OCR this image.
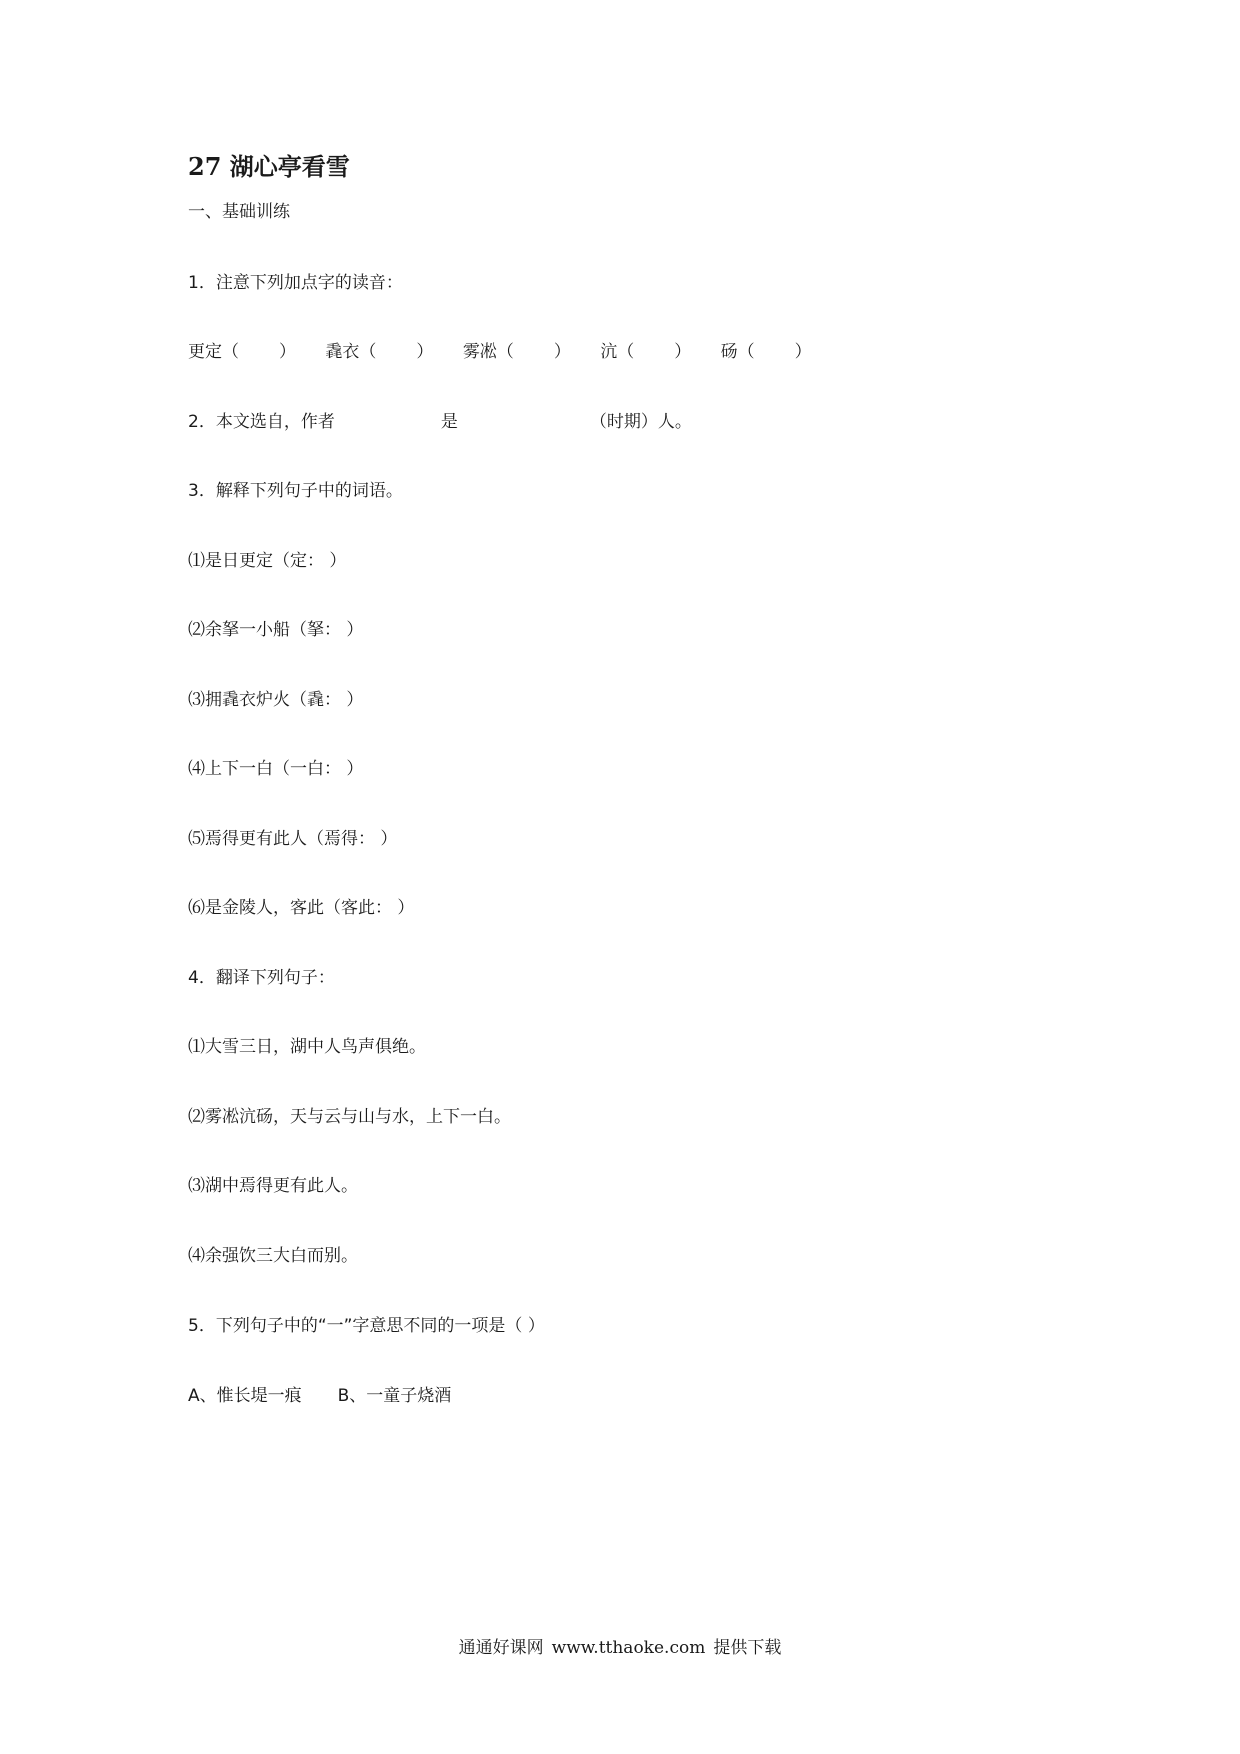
27 湖心亭看雪
一、基础训练
1．注意下列加点字的读音：
更定（ ） 毳衣（ ） 雾凇（ ） 沆（ ） 砀（ ）
2．本文选自，作者	是	（时期）人。
3．解释下列句子中的词语。
⑴是日更定（定： ）
⑵余拏一小船（拏： ）
⑶拥毳衣炉火（毳： ）
⑷上下一白（一白： ）
⑸焉得更有此人（焉得： ）
⑹是金陵人，客此（客此： ）
4．翻译下列句子：
⑴大雪三日，湖中人鸟声俱绝。
⑵雾凇沆砀，天与云与山与水，上下一白。
⑶湖中焉得更有此人。
⑷余强饮三大白而别。
5．下列句子中的“一”字意思不同的一项是（ ）
A、惟长堤一痕 B、一童子烧酒
通通好课网 www.tthaoke.com 提供下载
